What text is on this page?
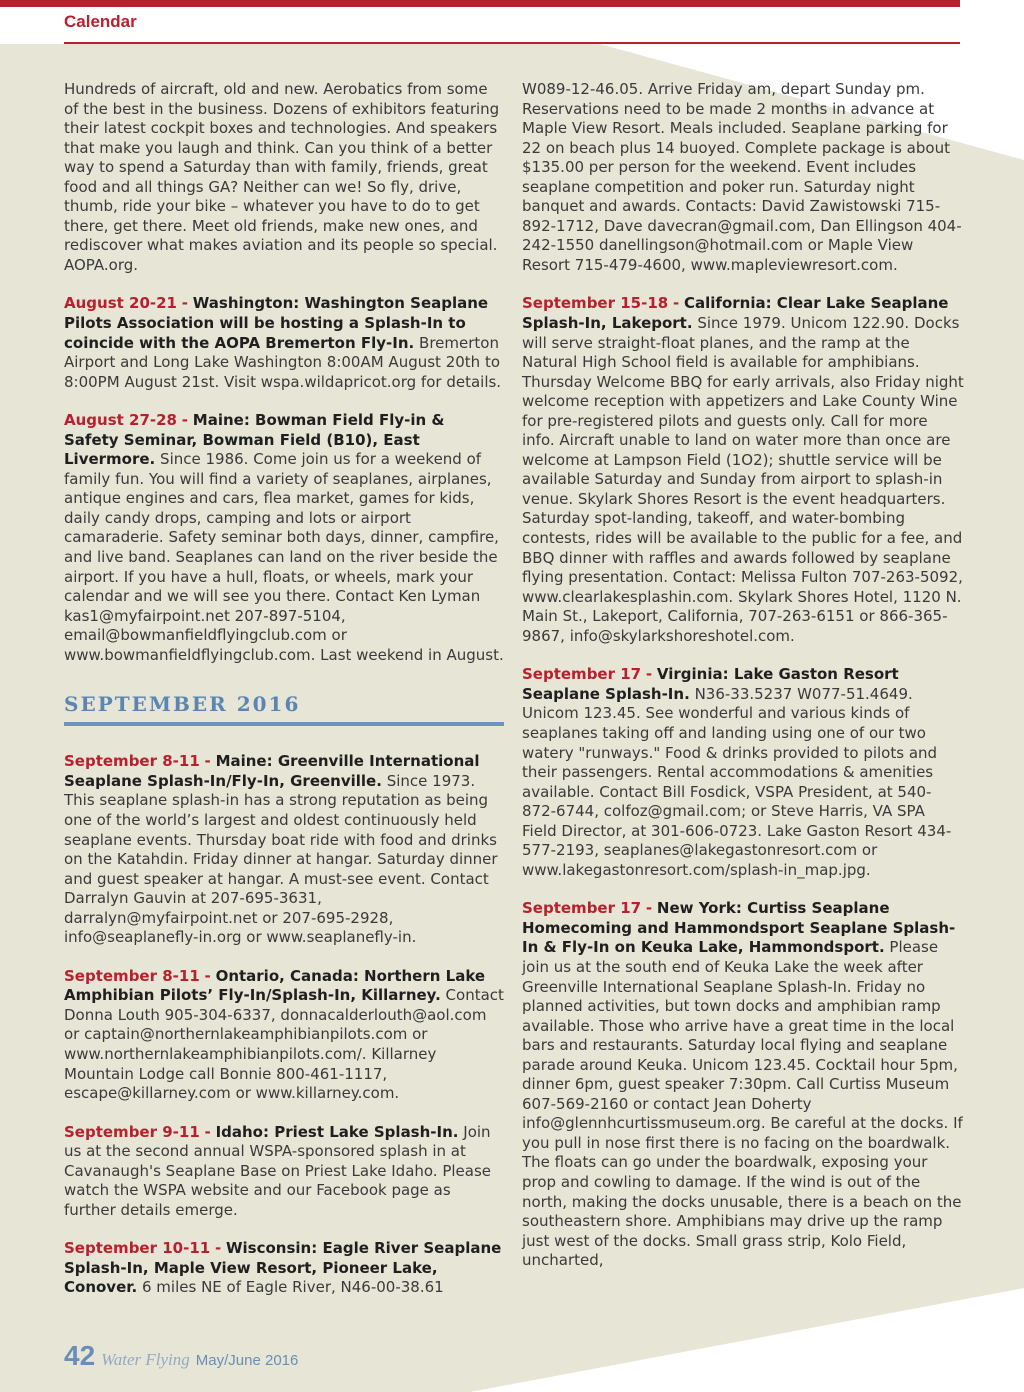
Calendar

Hundreds of aircraft, old and new. Aerobatics from some of the best in the business. Dozens of exhibitors featuring their latest cockpit boxes and technologies. And speakers that make you laugh and think. Can you think of a better way to spend a Saturday than with family, friends, great food and all things GA? Neither can we! So fly, drive, thumb, ride your bike – whatever you have to do to get there, get there. Meet old friends, make new ones, and rediscover what makes aviation and its people so special. AOPA.org.

August 20-21 - Washington: Washington Seaplane Pilots Association will be hosting a Splash-In to coincide with the AOPA Bremerton Fly-In. Bremerton Airport and Long Lake Washington 8:00AM August 20th to 8:00PM August 21st. Visit wspa.wildapricot.org for details.

August 27-28 - Maine: Bowman Field Fly-in & Safety Seminar, Bowman Field (B10), East Livermore. Since 1986. Come join us for a weekend of family fun. You will find a variety of seaplanes, airplanes, antique engines and cars, flea market, games for kids, daily candy drops, camping and lots or airport camaraderie. Safety seminar both days, dinner, campfire, and live band. Seaplanes can land on the river beside the airport. If you have a hull, floats, or wheels, mark your calendar and we will see you there. Contact Ken Lyman kas1@myfairpoint.net 207-897-5104, email@bowmanfieldflyingclub.com or www.bowmanfieldflyingclub.com. Last weekend in August.

SEPTEMBER 2016

September 8-11 - Maine: Greenville International Seaplane Splash-In/Fly-In, Greenville. Since 1973. This seaplane splash-in has a strong reputation as being one of the world’s largest and oldest continuously held seaplane events. Thursday boat ride with food and drinks on the Katahdin. Friday dinner at hangar. Saturday dinner and guest speaker at hangar. A must-see event. Contact Darralyn Gauvin at 207-695-3631, darralyn@myfairpoint.net or 207-695-2928, info@seaplanefly-in.org or www.seaplanefly-in.

September 8-11 - Ontario, Canada: Northern Lake Amphibian Pilots’ Fly-In/Splash-In, Killarney. Contact Donna Louth 905-304-6337, donnacalderlouth@aol.com or captain@northernlakeamphibianpilots.com or www.northernlakeamphibianpilots.com/. Killarney Mountain Lodge call Bonnie 800-461-1117, escape@killarney.com or www.killarney.com.

September 9-11 - Idaho: Priest Lake Splash-In. Join us at the second annual WSPA-sponsored splash in at Cavanaugh's Seaplane Base on Priest Lake Idaho. Please watch the WSPA website and our Facebook page as further details emerge.

September 10-11 - Wisconsin: Eagle River Seaplane Splash-In, Maple View Resort, Pioneer Lake, Conover. 6 miles NE of Eagle River, N46-00-38.61

W089-12-46.05. Arrive Friday am, depart Sunday pm. Reservations need to be made 2 months in advance at Maple View Resort. Meals included. Seaplane parking for 22 on beach plus 14 buoyed. Complete package is about $135.00 per person for the weekend. Event includes seaplane competition and poker run. Saturday night banquet and awards. Contacts: David Zawistowski 715-892-1712, Dave davecran@gmail.com, Dan Ellingson 404-242-1550 danellingson@hotmail.com or Maple View Resort 715-479-4600, www.mapleviewresort.com.

September 15-18 - California: Clear Lake Seaplane Splash-In, Lakeport. Since 1979. Unicom 122.90. Docks will serve straight-float planes, and the ramp at the Natural High School field is available for amphibians. Thursday Welcome BBQ for early arrivals, also Friday night welcome reception with appetizers and Lake County Wine for pre-registered pilots and guests only. Call for more info. Aircraft unable to land on water more than once are welcome at Lampson Field (1O2); shuttle service will be available Saturday and Sunday from airport to splash-in venue. Skylark Shores Resort is the event headquarters. Saturday spot-landing, takeoff, and water-bombing contests, rides will be available to the public for a fee, and BBQ dinner with raffles and awards followed by seaplane flying presentation. Contact: Melissa Fulton 707-263-5092, www.clearlakesplashin.com. Skylark Shores Hotel, 1120 N. Main St., Lakeport, California, 707-263-6151 or 866-365-9867, info@skylarkshoreshotel.com.

September 17 - Virginia: Lake Gaston Resort Seaplane Splash-In. N36-33.5237 W077-51.4649. Unicom 123.45. See wonderful and various kinds of seaplanes taking off and landing using one of our two watery "runways." Food & drinks provided to pilots and their passengers. Rental accommodations & amenities available. Contact Bill Fosdick, VSPA President, at 540-872-6744, colfoz@gmail.com; or Steve Harris, VA SPA Field Director, at 301-606-0723. Lake Gaston Resort 434-577-2193, seaplanes@lakegastonresort.com or www.lakegastonresort.com/splash-in_map.jpg.

September 17 - New York: Curtiss Seaplane Homecoming and Hammondsport Seaplane Splash-In & Fly-In on Keuka Lake, Hammondsport. Please join us at the south end of Keuka Lake the week after Greenville International Seaplane Splash-In. Friday no planned activities, but town docks and amphibian ramp available. Those who arrive have a great time in the local bars and restaurants. Saturday local flying and seaplane parade around Keuka. Unicom 123.45. Cocktail hour 5pm, dinner 6pm, guest speaker 7:30pm. Call Curtiss Museum 607-569-2160 or contact Jean Doherty info@glennhcurtissmuseum.org. Be careful at the docks. If you pull in nose first there is no facing on the boardwalk. The floats can go under the boardwalk, exposing your prop and cowling to damage. If the wind is out of the north, making the docks unusable, there is a beach on the southeastern shore. Amphibians may drive up the ramp just west of the docks. Small grass strip, Kolo Field, uncharted,

42 Water Flying May/June 2016
